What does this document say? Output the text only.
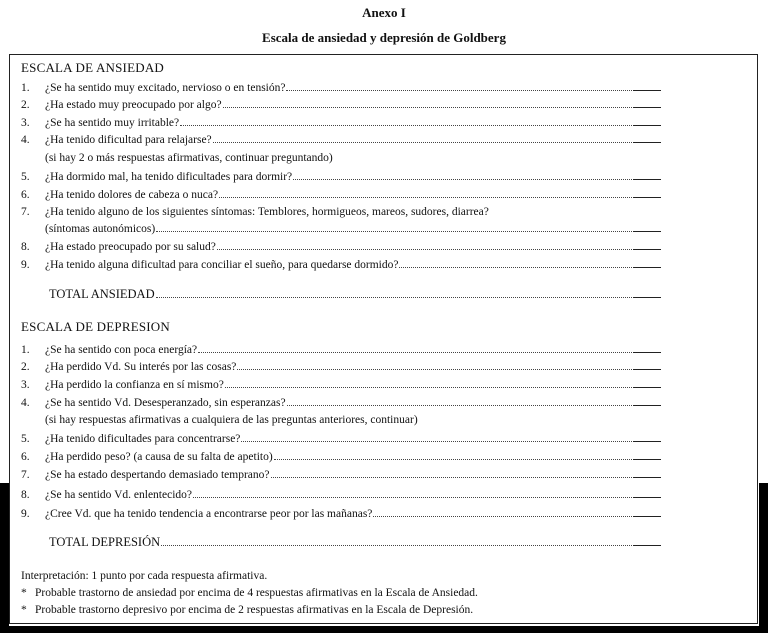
Anexo I
Escala de ansiedad y depresión de Goldberg
ESCALA DE ANSIEDAD
1.	¿Se ha sentido muy excitado, nervioso o en tensión?
2.	¿Ha estado muy preocupado por algo?
3.	¿Se ha sentido muy irritable?
4.	¿Ha tenido dificultad para relajarse?
(si hay 2 o más respuestas afirmativas, continuar preguntando)
5.	¿Ha dormido mal, ha tenido dificultades para dormir?
6.	¿Ha tenido dolores de cabeza o nuca?
7.	¿Ha tenido alguno de los siguientes síntomas: Temblores, hormigueos, mareos, sudores, diarrea?
(síntomas autonómicos)
8.	¿Ha estado preocupado por su salud?
9.	¿Ha tenido alguna dificultad para conciliar el sueño, para quedarse dormido?
TOTAL ANSIEDAD
ESCALA DE DEPRESION
1.	¿Se ha sentido con poca energía?
2.	¿Ha perdido Vd. Su interés por las cosas?
3.	¿Ha perdido la confianza en sí mismo?
4.	¿Se ha sentido Vd. Desesperanzado, sin esperanzas?
(si hay respuestas afirmativas a cualquiera de las preguntas anteriores, continuar)
5.	¿Ha tenido dificultades para concentrarse?
6.	¿Ha perdido peso? (a causa de su falta de apetito)
7.	¿Se ha estado despertando demasiado temprano?
8.	¿Se ha sentido Vd. enlentecido?
9.	¿Cree Vd. que ha tenido tendencia a encontrarse peor por las mañanas?
TOTAL DEPRESIÓN
Interpretación: 1 punto por cada respuesta afirmativa.
* Probable trastorno de ansiedad por encima de 4 respuestas afirmativas en la Escala de Ansiedad.
* Probable trastorno depresivo por encima de 2 respuestas afirmativas en la Escala de Depresión.
